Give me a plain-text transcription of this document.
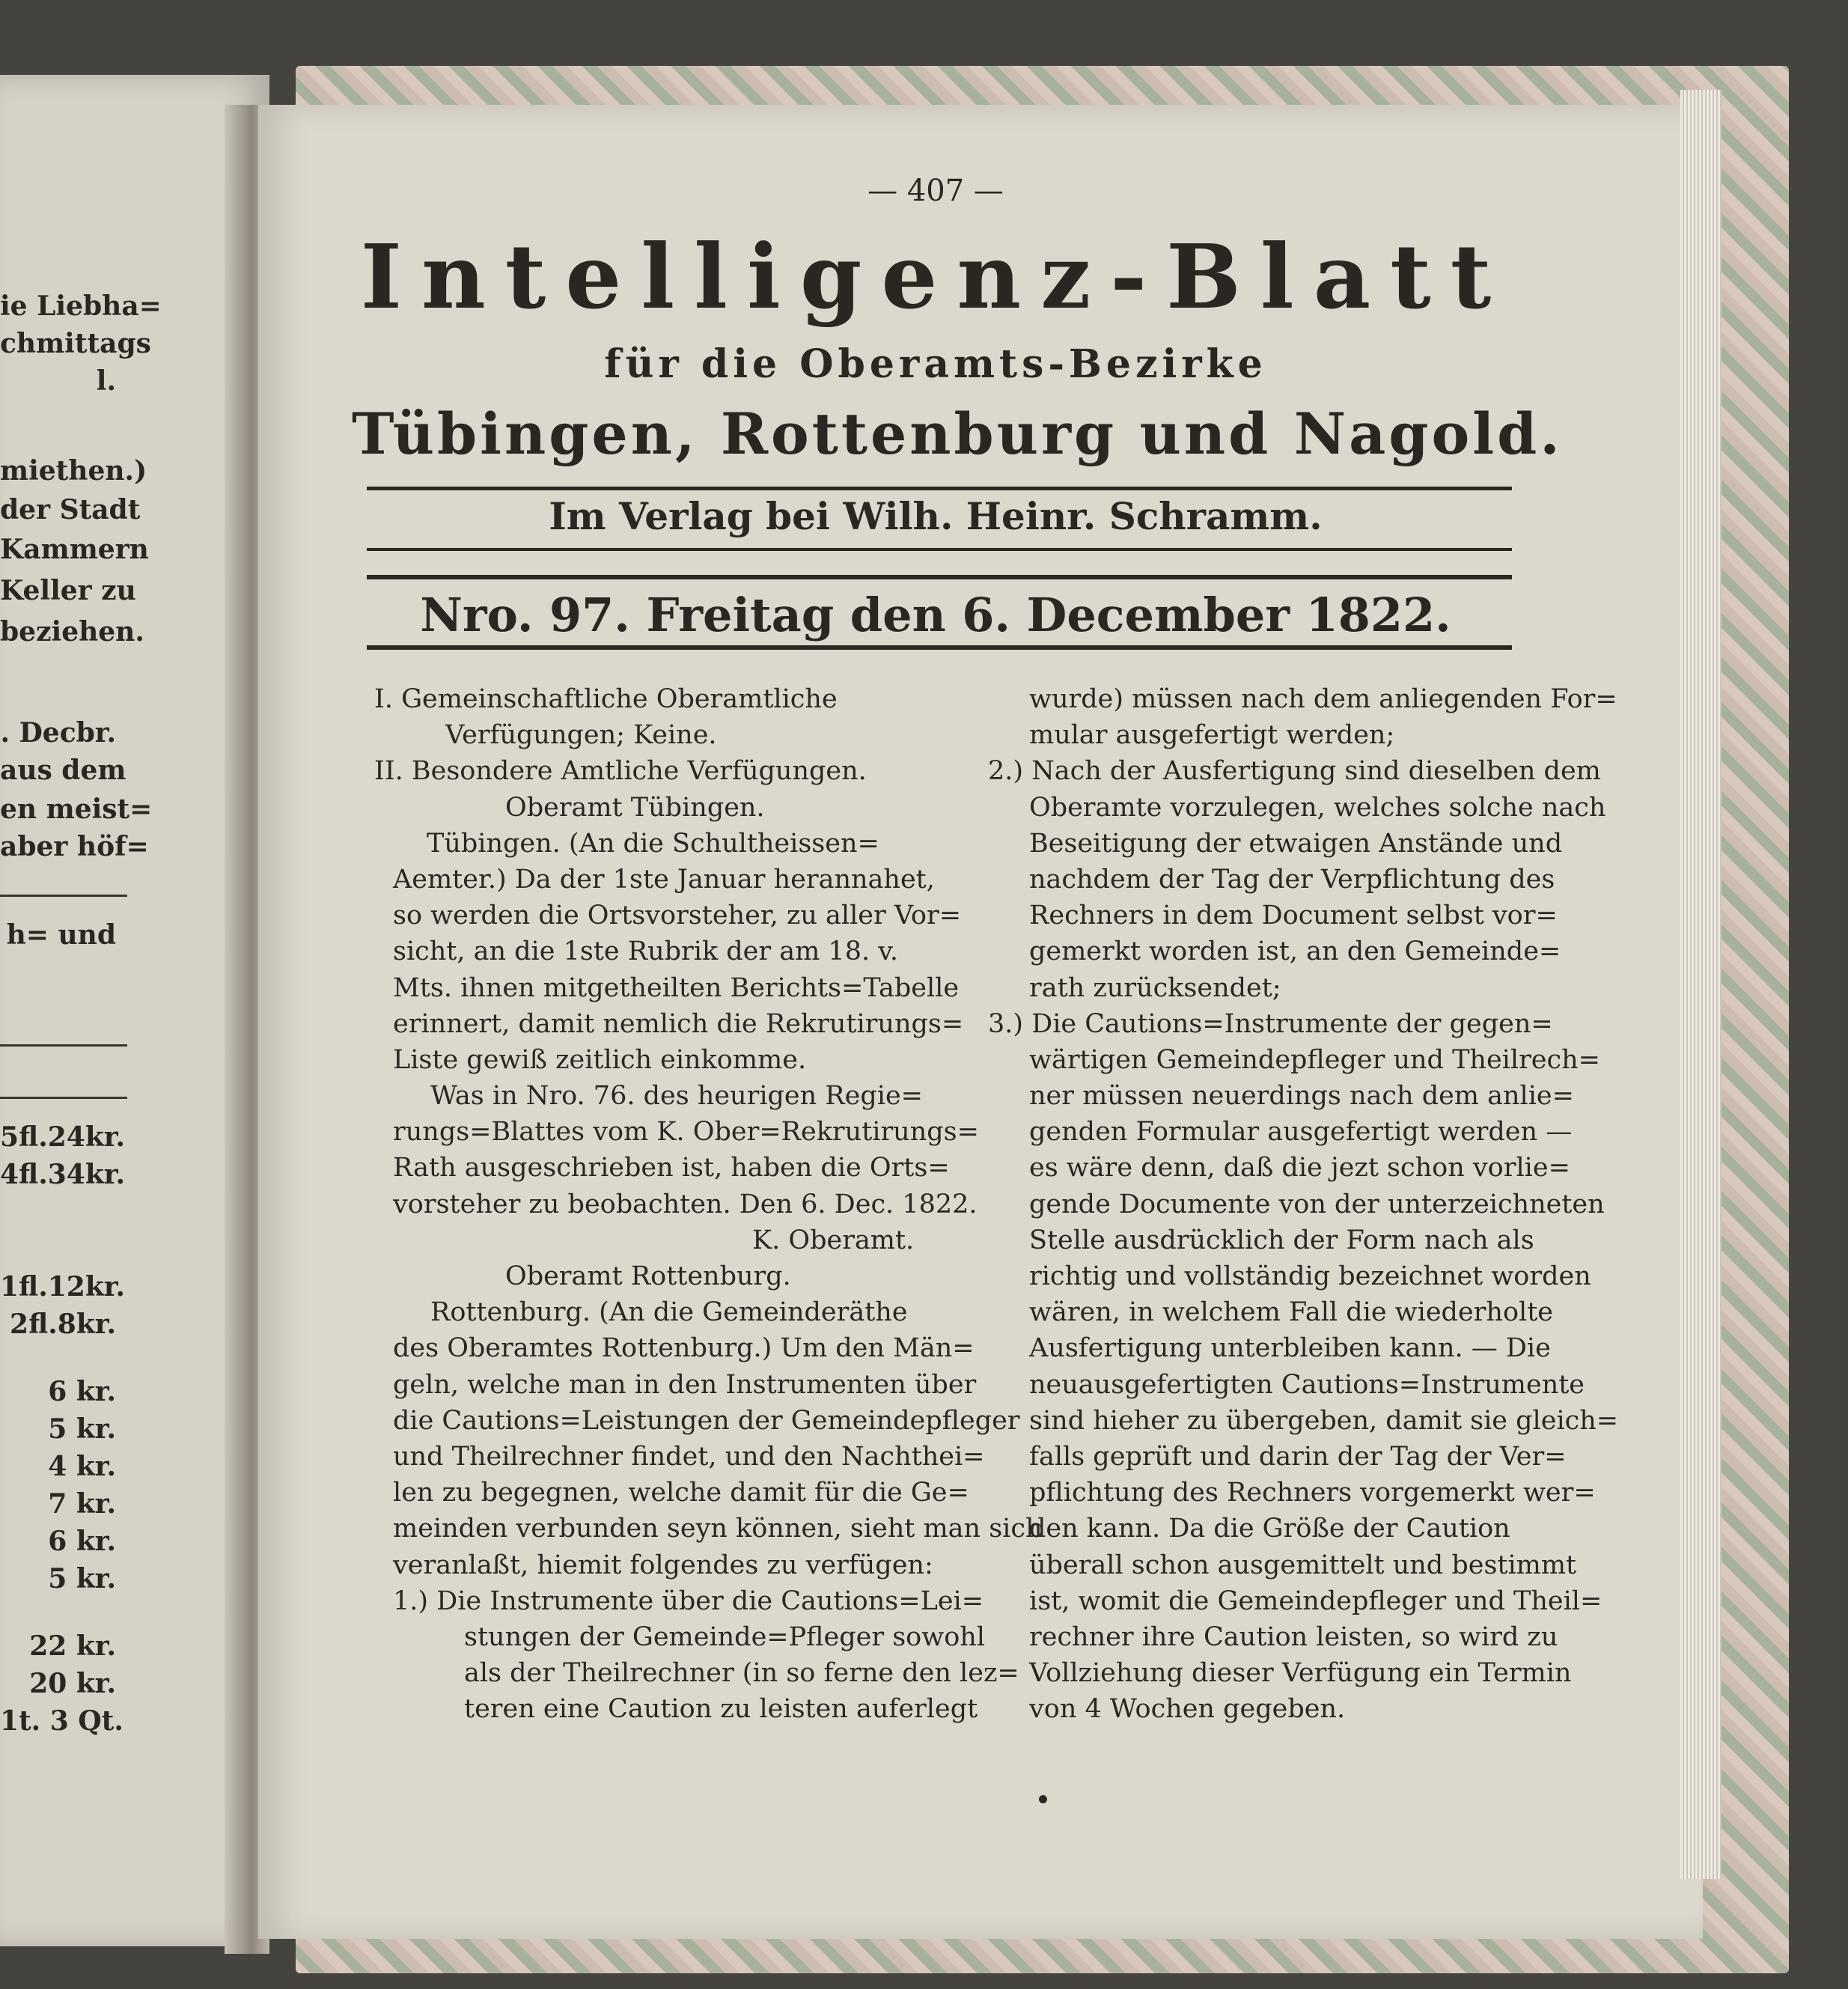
ie Liebha=
chmittags
l.
miethen.)
der Stadt
Kammern
Keller zu
beziehen.
. Decbr.
aus dem
en meist=
aber höf=
h= und
5fl.24kr.
4fl.34kr.
1fl.12kr.
2fl.8kr.
6 kr.
5 kr.
4 kr.
7 kr.
6 kr.
5 kr.
22 kr.
20 kr.
1t. 3 Qt.
— 407 —
Intelligenz-Blatt
für die Oberamts-Bezirke
Tübingen, Rottenburg und Nagold.
Im Verlag bei Wilh. Heinr. Schramm.
Nro. 97. Freitag den 6. December 1822.
I. Gemeinschaftliche Oberamtliche
Verfügungen; Keine.
II. Besondere Amtliche Verfügungen.
Oberamt Tübingen.
Tübingen. (An die Schultheissen=
Aemter.) Da der 1ste Januar herannahet,
so werden die Ortsvorsteher, zu aller Vor=
sicht, an die 1ste Rubrik der am 18. v.
Mts. ihnen mitgetheilten Berichts=Tabelle
erinnert, damit nemlich die Rekrutirungs=
Liste gewiß zeitlich einkomme.
Was in Nro. 76. des heurigen Regie=
rungs=Blattes vom K. Ober=Rekrutirungs=
Rath ausgeschrieben ist, haben die Orts=
vorsteher zu beobachten. Den 6. Dec. 1822.
K. Oberamt.
Oberamt Rottenburg.
Rottenburg. (An die Gemeinderäthe
des Oberamtes Rottenburg.) Um den Män=
geln, welche man in den Instrumenten über
die Cautions=Leistungen der Gemeindepfleger
und Theilrechner findet, und den Nachthei=
len zu begegnen, welche damit für die Ge=
meinden verbunden seyn können, sieht man sich
veranlaßt, hiemit folgendes zu verfügen:
1.) Die Instrumente über die Cautions=Lei=
stungen der Gemeinde=Pfleger sowohl
als der Theilrechner (in so ferne den lez=
teren eine Caution zu leisten auferlegt
wurde) müssen nach dem anliegenden For=
mular ausgefertigt werden;
2.) Nach der Ausfertigung sind dieselben dem
Oberamte vorzulegen, welches solche nach
Beseitigung der etwaigen Anstände und
nachdem der Tag der Verpflichtung des
Rechners in dem Document selbst vor=
gemerkt worden ist, an den Gemeinde=
rath zurücksendet;
3.) Die Cautions=Instrumente der gegen=
wärtigen Gemeindepfleger und Theilrech=
ner müssen neuerdings nach dem anlie=
genden Formular ausgefertigt werden —
es wäre denn, daß die jezt schon vorlie=
gende Documente von der unterzeichneten
Stelle ausdrücklich der Form nach als
richtig und vollständig bezeichnet worden
wären, in welchem Fall die wiederholte
Ausfertigung unterbleiben kann. — Die
neuausgefertigten Cautions=Instrumente
sind hieher zu übergeben, damit sie gleich=
falls geprüft und darin der Tag der Ver=
pflichtung des Rechners vorgemerkt wer=
den kann. Da die Größe der Caution
überall schon ausgemittelt und bestimmt
ist, womit die Gemeindepfleger und Theil=
rechner ihre Caution leisten, so wird zu
Vollziehung dieser Verfügung ein Termin
von 4 Wochen gegeben.
